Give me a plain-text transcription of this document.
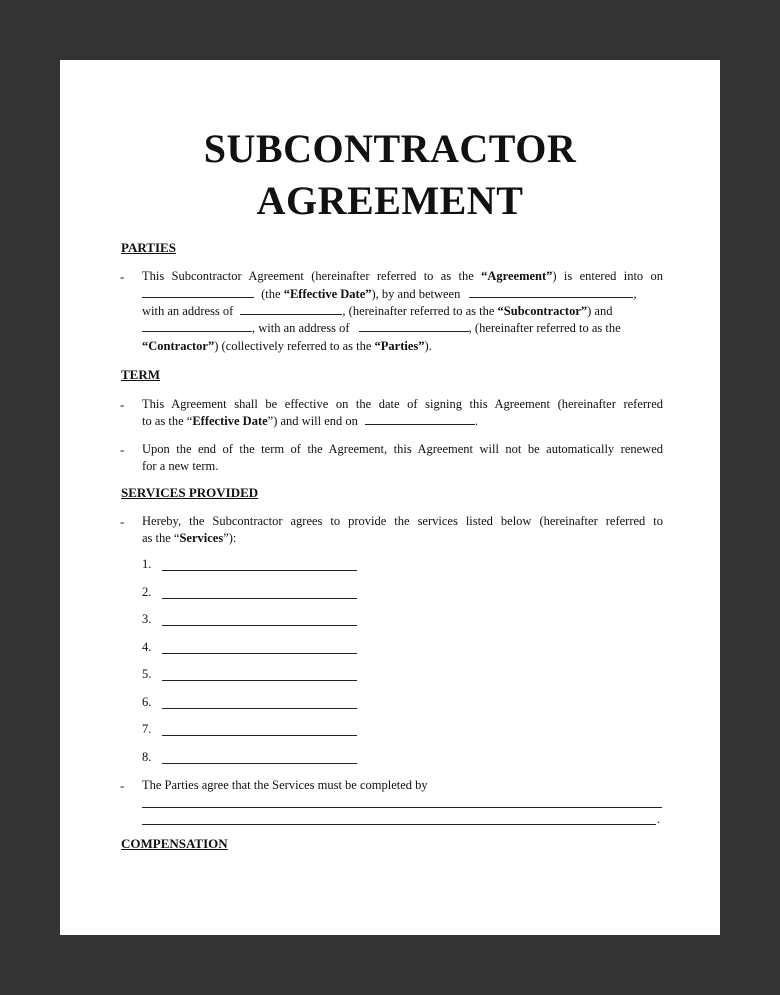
SUBCONTRACTOR
AGREEMENT
PARTIES
- This Subcontractor Agreement (hereinafter referred to as the “Agreement”) is entered into on
(the “Effective Date”), by and between	,
with an address of	, (hereinafter referred to as the “Subcontractor”) and
, with an address of	, (hereinafter referred to as the
“Contractor”) (collectively referred to as the “Parties”).
TERM
- This Agreement shall be effective on the date of signing this Agreement (hereinafter referred
to as the “Effective Date”) and will end on	.
- Upon the end of the term of the Agreement, this Agreement will not be automatically renewed
for a new term.
SERVICES PROVIDED
- Hereby, the Subcontractor agrees to provide the services listed below (hereinafter referred to
as the “Services”):
1.
2.
3.
4.
5.
6.
7.
8.
- The Parties agree that the Services must be completed by
.
COMPENSATION
